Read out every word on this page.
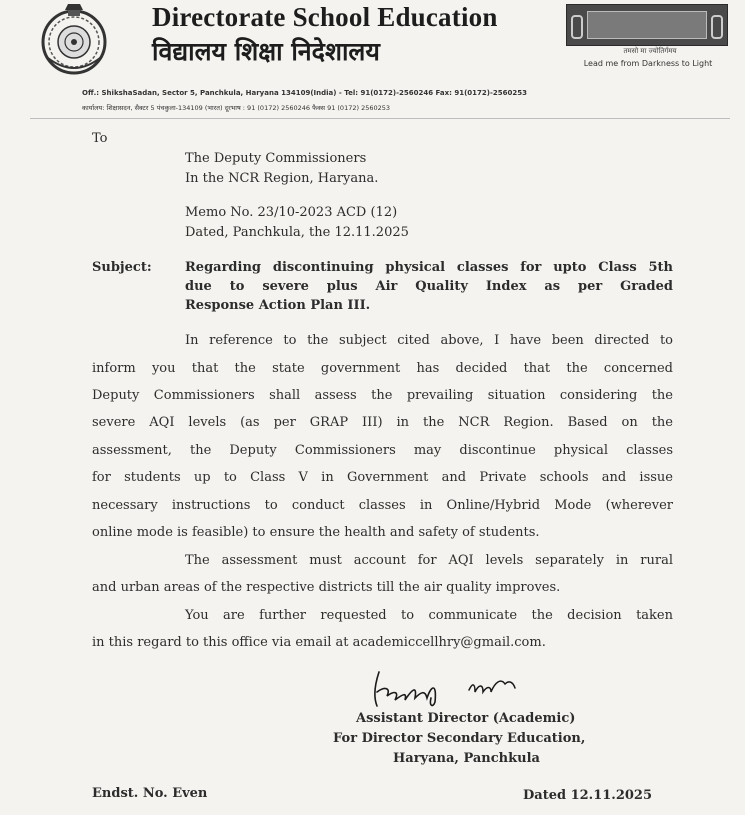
Directorate School Education
विद्यालय शिक्षा निदेशालय	तमसो मा ज्योतिर्गमय
Lead me from Darkness to Light
Off.: ShikshaSadan, Sector 5, Panchkula, Haryana 134109(India) - Tel: 91(0172)-2560246 Fax: 91(0172)-2560253
कार्यालय: शिक्षासदन, सैक्टर 5 पंचकुला-134109 (भारत) दूरभाष : 91 (0172) 2560246 फैक्स 91 (0172) 2560253
To
The Deputy Commissioners
In the NCR Region, Haryana.
Memo No. 23/10-2023 ACD (12)
Dated, Panchkula, the 12.11.2025
Subject:	Regarding discontinuing physical classes for upto Class 5th
due to severe plus Air Quality Index as per Graded
Response Action Plan III.
In reference to the subject cited above, I have been directed to
inform you that the state government has decided that the concerned
Deputy Commissioners shall assess the prevailing situation considering the
severe AQI levels (as per GRAP III) in the NCR Region. Based on the
assessment, the Deputy Commissioners may discontinue physical classes
for students up to Class V in Government and Private schools and issue
necessary instructions to conduct classes in Online/Hybrid Mode (wherever
online mode is feasible) to ensure the health and safety of students.
The assessment must account for AQI levels separately in rural
and urban areas of the respective districts till the air quality improves.
You are further requested to communicate the decision taken
in this regard to this office via email at academiccellhry@gmail.com.
Assistant Director (Academic)
For Director Secondary Education,
Haryana, Panchkula
Endst. No. Even	Dated 12.11.2025
